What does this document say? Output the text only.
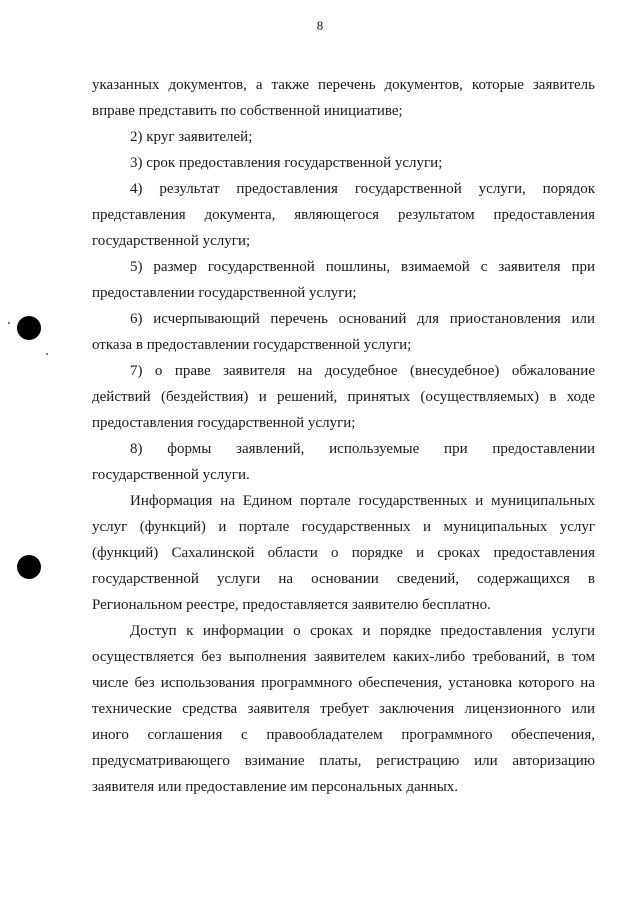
8

указанных документов, а также перечень документов, которые заявитель вправе представить по собственной инициативе;

2) круг заявителей;

3) срок предоставления государственной услуги;

4) результат предоставления государственной услуги, порядок представления документа, являющегося результатом предоставления государственной услуги;

5) размер государственной пошлины, взимаемой с заявителя при предоставлении государственной услуги;

6) исчерпывающий перечень оснований для приостановления или отказа в предоставлении государственной услуги;

7) о праве заявителя на досудебное (внесудебное) обжалование действий (бездействия) и решений, принятых (осуществляемых) в ходе предоставления государственной услуги;

8) формы заявлений, используемые при предоставлении государственной услуги.

Информация на Едином портале государственных и муниципальных услуг (функций) и портале государственных и муниципальных услуг (функций) Сахалинской области о порядке и сроках предоставления государственной услуги на основании сведений, содержащихся в Региональном реестре, предоставляется заявителю бесплатно.

Доступ к информации о сроках и порядке предоставления услуги осуществляется без выполнения заявителем каких-либо требований, в том числе без использования программного обеспечения, установка которого на технические средства заявителя требует заключения лицензионного или иного соглашения с правообладателем программного обеспечения, предусматривающего взимание платы, регистрацию или авторизацию заявителя или предоставление им персональных данных.
